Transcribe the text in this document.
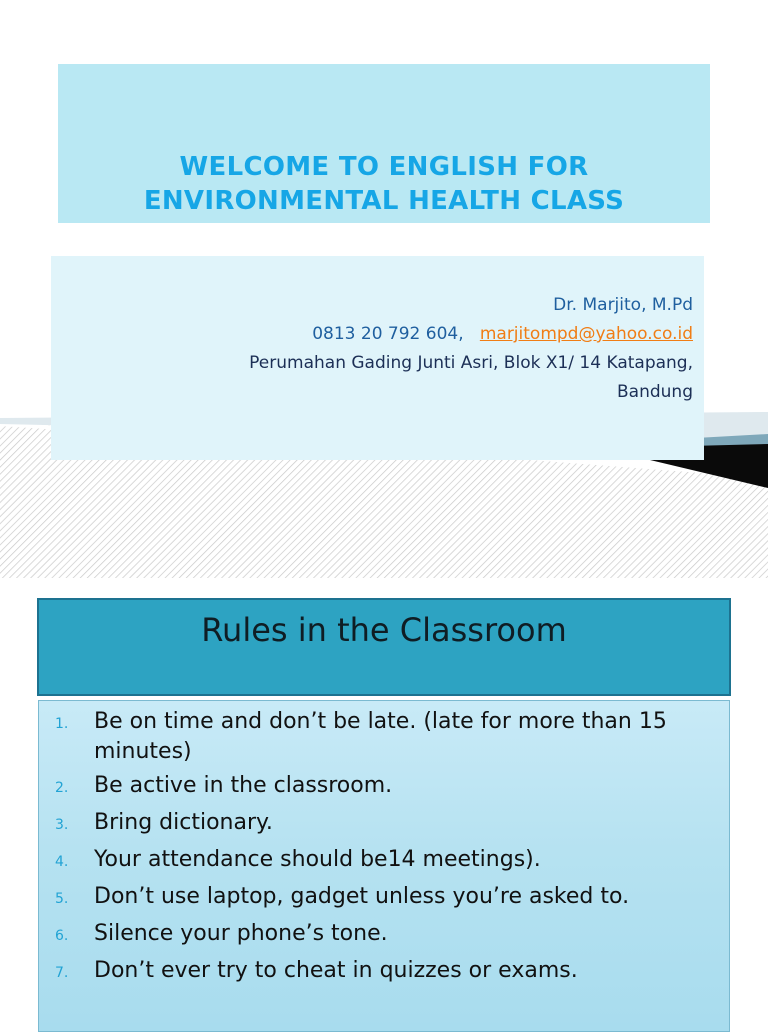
WELCOME TO ENGLISH FOR
ENVIRONMENTAL HEALTH CLASS
Dr. Marjito, M.Pd
0813 20 792 604, marjitompd@yahoo.co.id
Perumahan Gading Junti Asri, Blok X1/ 14 Katapang,
Bandung
Rules in the Classroom
1.	Be on time and don’t be late. (late for more than 15 minutes)
2.	Be active in the classroom.
3.	Bring dictionary.
4.	Your attendance should be14 meetings).
5.	Don’t use laptop, gadget unless you’re asked to.
6.	Silence your phone’s tone.
7.	Don’t ever try to cheat in quizzes or exams.
